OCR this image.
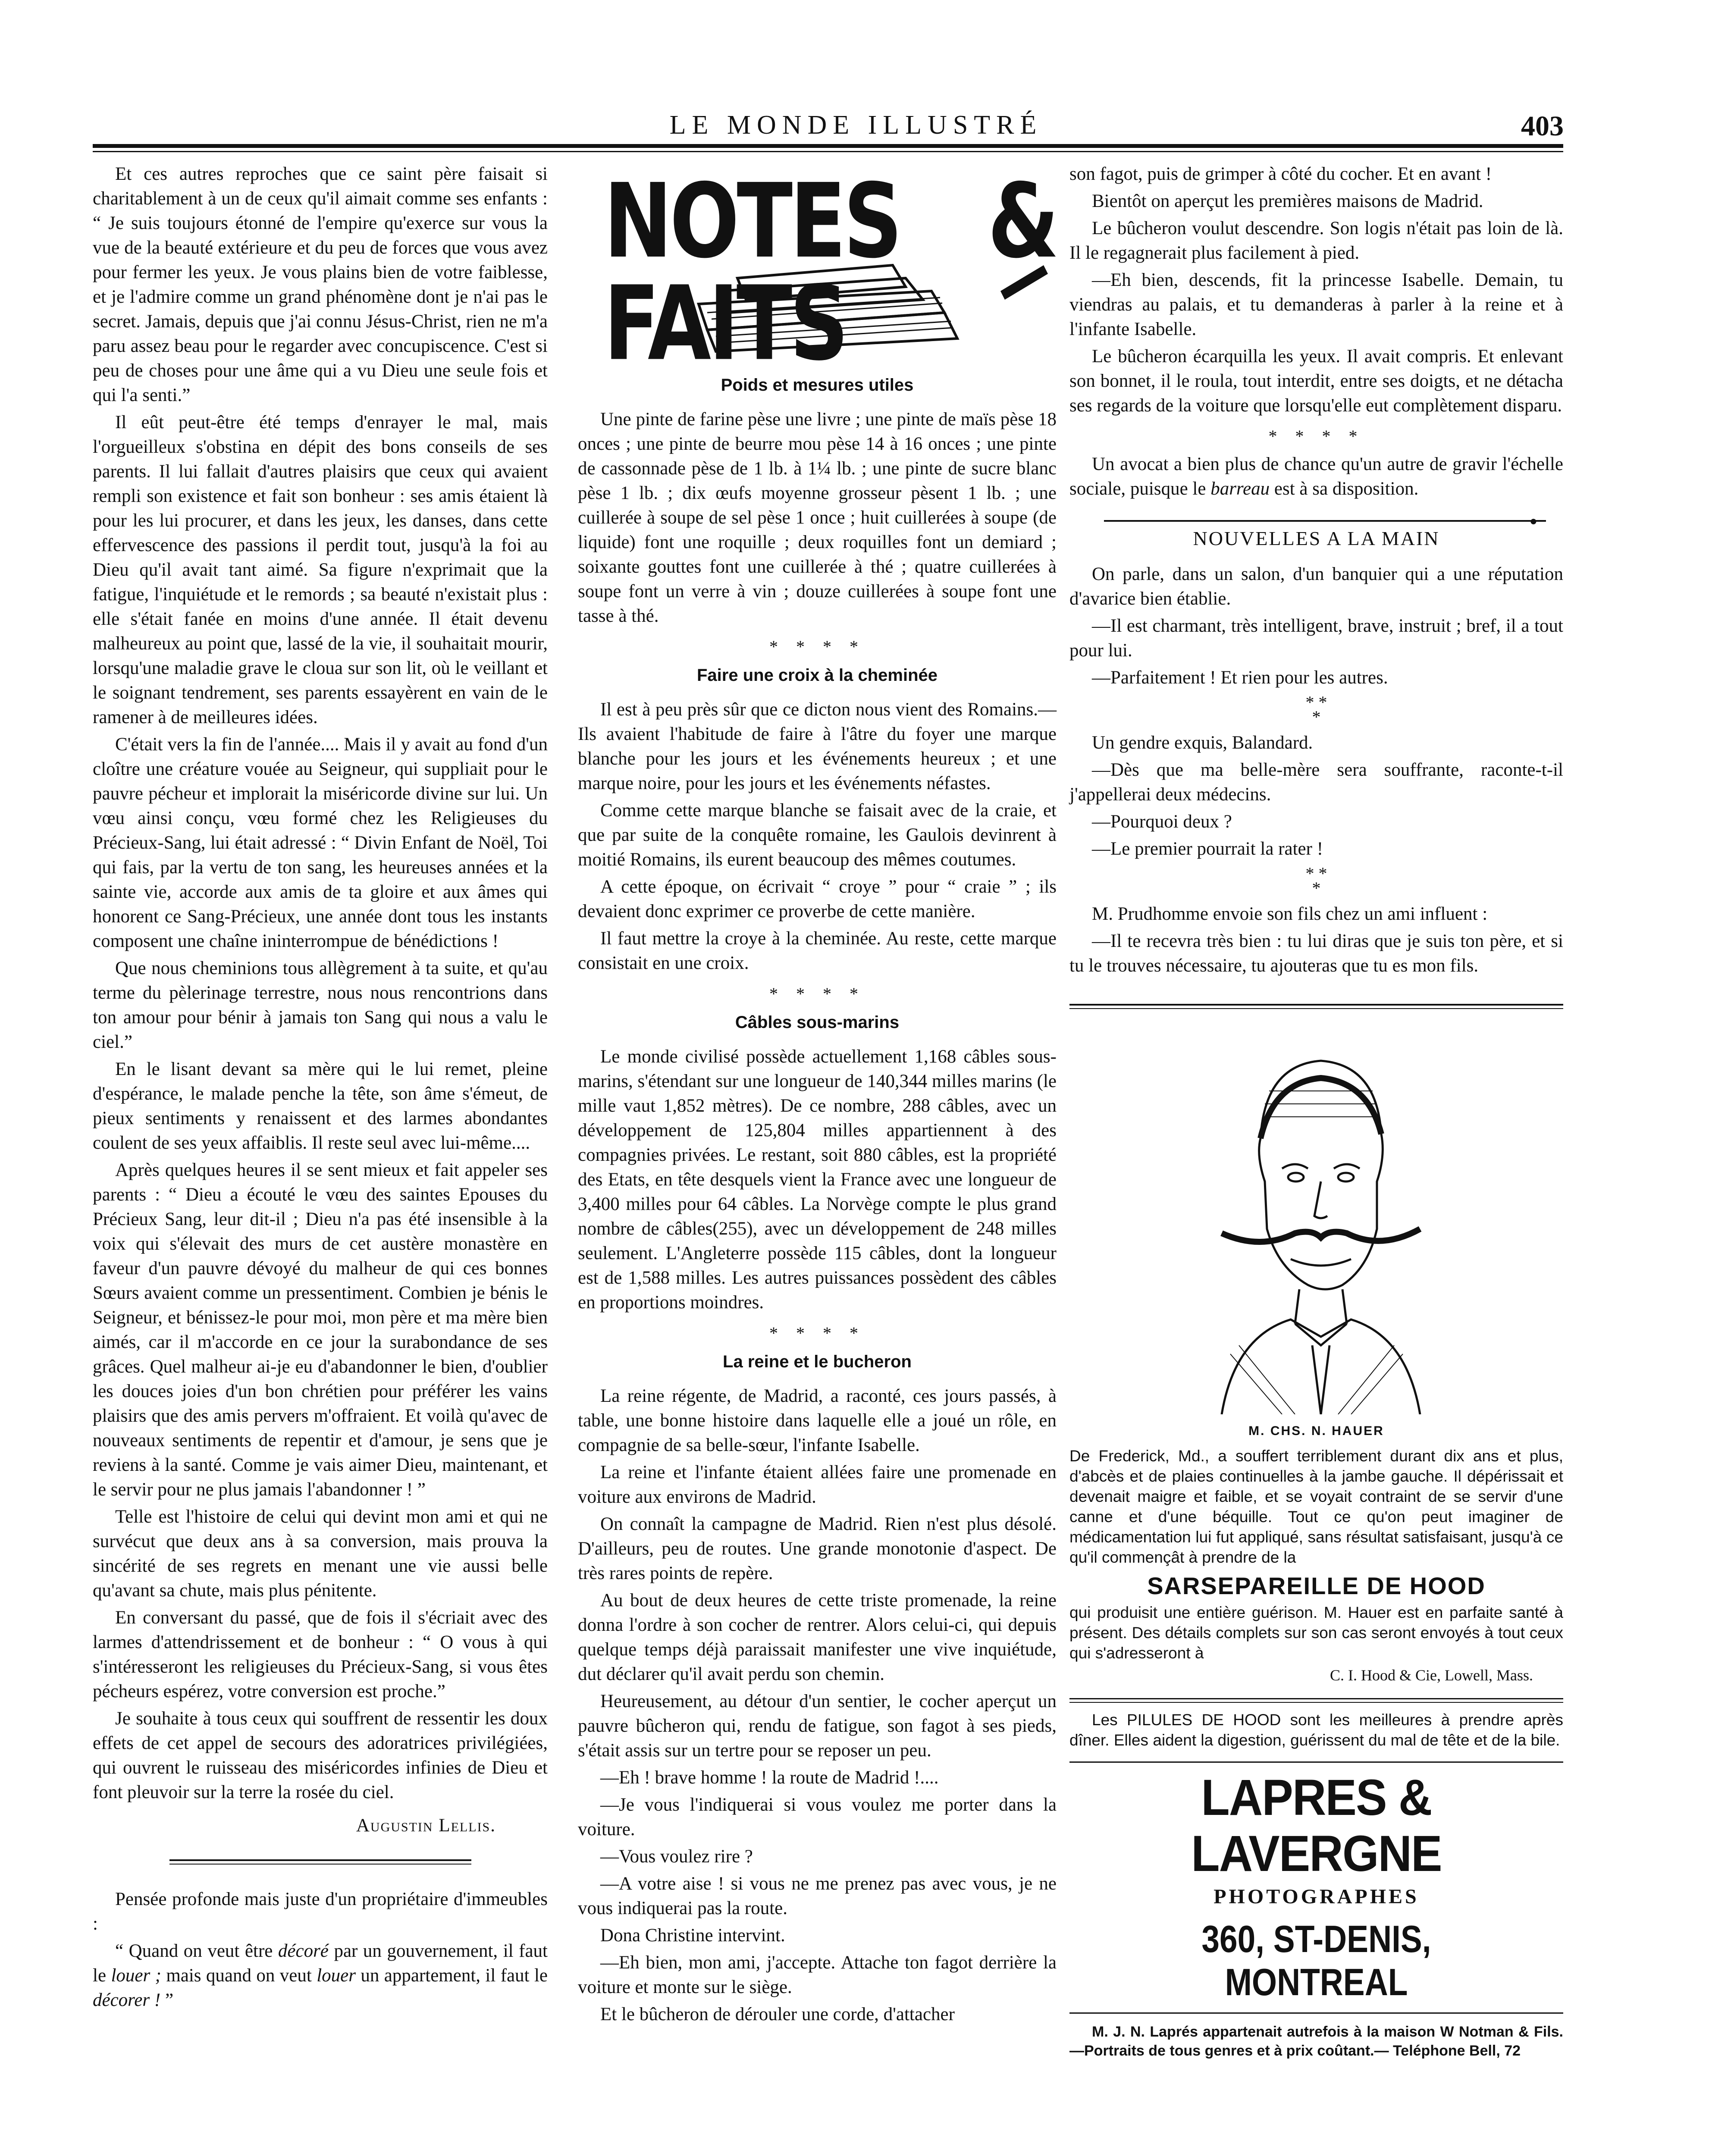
LE MONDE ILLUSTRÉ	403

Et ces autres reproches que ce saint père faisait si charitablement à un de ceux qu'il aimait comme ses enfants : “ Je suis toujours étonné de l'empire qu'exerce sur vous la vue de la beauté extérieure et du peu de forces que vous avez pour fermer les yeux. Je vous plains bien de votre faiblesse, et je l'admire comme un grand phénomène dont je n'ai pas le secret. Jamais, depuis que j'ai connu Jésus-Christ, rien ne m'a paru assez beau pour le regarder avec concupiscence. C'est si peu de choses pour une âme qui a vu Dieu une seule fois et qui l'a senti.”

Il eût peut-être été temps d'enrayer le mal, mais l'orgueilleux s'obstina en dépit des bons conseils de ses parents. Il lui fallait d'autres plaisirs que ceux qui avaient rempli son existence et fait son bonheur : ses amis étaient là pour les lui procurer, et dans les jeux, les danses, dans cette effervescence des passions il perdit tout, jusqu'à la foi au Dieu qu'il avait tant aimé. Sa figure n'exprimait que la fatigue, l'inquiétude et le remords ; sa beauté n'existait plus : elle s'était fanée en moins d'une année. Il était devenu malheureux au point que, lassé de la vie, il souhaitait mourir, lorsqu'une maladie grave le cloua sur son lit, où le veillant et le soignant tendrement, ses parents essayèrent en vain de le ramener à de meilleures idées.

C'était vers la fin de l'année.... Mais il y avait au fond d'un cloître une créature vouée au Seigneur, qui suppliait pour le pauvre pécheur et implorait la miséricorde divine sur lui. Un vœu ainsi conçu, vœu formé chez les Religieuses du Précieux-Sang, lui était adressé : “ Divin Enfant de Noël, Toi qui fais, par la vertu de ton sang, les heureuses années et la sainte vie, accorde aux amis de ta gloire et aux âmes qui honorent ce Sang-Précieux, une année dont tous les instants composent une chaîne ininterrompue de bénédictions !

Que nous cheminions tous allègrement à ta suite, et qu'au terme du pèlerinage terrestre, nous nous rencontrions dans ton amour pour bénir à jamais ton Sang qui nous a valu le ciel.”

En le lisant devant sa mère qui le lui remet, pleine d'espérance, le malade penche la tête, son âme s'émeut, de pieux sentiments y renaissent et des larmes abondantes coulent de ses yeux affaiblis. Il reste seul avec lui-même....

Après quelques heures il se sent mieux et fait appeler ses parents : “ Dieu a écouté le vœu des saintes Epouses du Précieux Sang, leur dit-il ; Dieu n'a pas été insensible à la voix qui s'élevait des murs de cet austère monastère en faveur d'un pauvre dévoyé du malheur de qui ces bonnes Sœurs avaient comme un pressentiment. Combien je bénis le Seigneur, et bénissez-le pour moi, mon père et ma mère bien aimés, car il m'accorde en ce jour la surabondance de ses grâces. Quel malheur ai-je eu d'abandonner le bien, d'oublier les douces joies d'un bon chrétien pour préférer les vains plaisirs que des amis pervers m'offraient. Et voilà qu'avec de nouveaux sentiments de repentir et d'amour, je sens que je reviens à la santé. Comme je vais aimer Dieu, maintenant, et le servir pour ne plus jamais l'abandonner ! ”

Telle est l'histoire de celui qui devint mon ami et qui ne survécut que deux ans à sa conversion, mais prouva la sincérité de ses regrets en menant une vie aussi belle qu'avant sa chute, mais plus pénitente.

En conversant du passé, que de fois il s'écriait avec des larmes d'attendrissement et de bonheur : “ O vous à qui s'intéresseront les religieuses du Précieux-Sang, si vous êtes pécheurs espérez, votre conversion est proche.”

Je souhaite à tous ceux qui souffrent de ressentir les doux effets de cet appel de secours des adoratrices privilégiées, qui ouvrent le ruisseau des miséricordes infinies de Dieu et font pleuvoir sur la terre la rosée du ciel.

Augustin Lellis.

Pensée profonde mais juste d'un propriétaire d'immeubles :

“ Quand on veut être décoré par un gouvernement, il faut le louer ; mais quand on veut louer un appartement, il faut le décorer ! ”

NOTES & FAITS
Poids et mesures utiles

Une pinte de farine pèse une livre ; une pinte de maïs pèse 18 onces ; une pinte de beurre mou pèse 14 à 16 onces ; une pinte de cassonnade pèse de 1 lb. à 1¼ lb. ; une pinte de sucre blanc pèse 1 lb. ; dix œufs moyenne grosseur pèsent 1 lb. ; une cuillerée à soupe de sel pèse 1 once ; huit cuillerées à soupe (de liquide) font une roquille ; deux roquilles font un demiard ; soixante gouttes font une cuillerée à thé ; quatre cuillerées à soupe font un verre à vin ; douze cuillerées à soupe font une tasse à thé.

* * * *
Faire une croix à la cheminée

Il est à peu près sûr que ce dicton nous vient des Romains.—Ils avaient l'habitude de faire à l'âtre du foyer une marque blanche pour les jours et les événements heureux ; et une marque noire, pour les jours et les événements néfastes.

Comme cette marque blanche se faisait avec de la craie, et que par suite de la conquête romaine, les Gaulois devinrent à moitié Romains, ils eurent beaucoup des mêmes coutumes.

A cette époque, on écrivait “ croye ” pour “ craie ” ; ils devaient donc exprimer ce proverbe de cette manière.

Il faut mettre la croye à la cheminée. Au reste, cette marque consistait en une croix.

* * * *
Câbles sous-marins

Le monde civilisé possède actuellement 1,168 câbles sous-marins, s'étendant sur une longueur de 140,344 milles marins (le mille vaut 1,852 mètres). De ce nombre, 288 câbles, avec un développement de 125,804 milles appartiennent à des compagnies privées. Le restant, soit 880 câbles, est la propriété des Etats, en tête desquels vient la France avec une longueur de 3,400 milles pour 64 câbles. La Norvège compte le plus grand nombre de câbles(255), avec un développement de 248 milles seulement. L'Angleterre possède 115 câbles, dont la longueur est de 1,588 milles. Les autres puissances possèdent des câbles en proportions moindres.

* * * *
La reine et le bucheron

La reine régente, de Madrid, a raconté, ces jours passés, à table, une bonne histoire dans laquelle elle a joué un rôle, en compagnie de sa belle-sœur, l'infante Isabelle.

La reine et l'infante étaient allées faire une promenade en voiture aux environs de Madrid.

On connaît la campagne de Madrid. Rien n'est plus désolé. D'ailleurs, peu de routes. Une grande monotonie d'aspect. De très rares points de repère.

Au bout de deux heures de cette triste promenade, la reine donna l'ordre à son cocher de rentrer. Alors celui-ci, qui depuis quelque temps déjà paraissait manifester une vive inquiétude, dut déclarer qu'il avait perdu son chemin.

Heureusement, au détour d'un sentier, le cocher aperçut un pauvre bûcheron qui, rendu de fatigue, son fagot à ses pieds, s'était assis sur un tertre pour se reposer un peu.

—Eh ! brave homme ! la route de Madrid !....

—Je vous l'indiquerai si vous voulez me porter dans la voiture.

—Vous voulez rire ?

—A votre aise ! si vous ne me prenez pas avec vous, je ne vous indiquerai pas la route.

Dona Christine intervint.

—Eh bien, mon ami, j'accepte. Attache ton fagot derrière la voiture et monte sur le siège.

Et le bûcheron de dérouler une corde, d'attacher

son fagot, puis de grimper à côté du cocher. Et en avant !

Bientôt on aperçut les premières maisons de Madrid.

Le bûcheron voulut descendre. Son logis n'était pas loin de là. Il le regagnerait plus facilement à pied.

—Eh bien, descends, fit la princesse Isabelle. Demain, tu viendras au palais, et tu demanderas à parler à la reine et à l'infante Isabelle.

Le bûcheron écarquilla les yeux. Il avait compris. Et enlevant son bonnet, il le roula, tout interdit, entre ses doigts, et ne détacha ses regards de la voiture que lorsqu'elle eut complètement disparu.

* * * *

Un avocat a bien plus de chance qu'un autre de gravir l'échelle sociale, puisque le barreau est à sa disposition.

●
NOUVELLES A LA MAIN

On parle, dans un salon, d'un banquier qui a une réputation d'avarice bien établie.

—Il est charmant, très intelligent, brave, instruit ; bref, il a tout pour lui.

—Parfaitement ! Et rien pour les autres.

* *
*

Un gendre exquis, Balandard.

—Dès que ma belle-mère sera souffrante, raconte-t-il j'appellerai deux médecins.

—Pourquoi deux ?

—Le premier pourrait la rater !

* *
*

M. Prudhomme envoie son fils chez un ami influent :

—Il te recevra très bien : tu lui diras que je suis ton père, et si tu le trouves nécessaire, tu ajouteras que tu es mon fils.

M. CHS. N. HAUER
De Frederick, Md., a souffert terriblement durant dix ans et plus, d'abcès et de plaies continuelles à la jambe gauche. Il dépérissait et devenait maigre et faible, et se voyait contraint de se servir d'une canne et d'une béquille. Tout ce qu'on peut imaginer de médicamentation lui fut appliqué, sans résultat satisfaisant, jusqu'à ce qu'il commençât à prendre de la
SARSEPAREILLE DE HOOD
qui produisit une entière guérison. M. Hauer est en parfaite santé à présent. Des détails complets sur son cas seront envoyés à tout ceux qui s'adresseront à
C. I. Hood & Cie, Lowell, Mass.
Les PILULES DE HOOD sont les meilleures à prendre après dîner. Elles aident la digestion, guérissent du mal de tête et de la bile.
LAPRES & LAVERGNE
PHOTOGRAPHES
360, ST-DENIS, MONTREAL
M. J. N. Laprés appartenait autrefois à la maison W Notman & Fils.—Portraits de tous genres et à prix coûtant.— Teléphone Bell, 72
